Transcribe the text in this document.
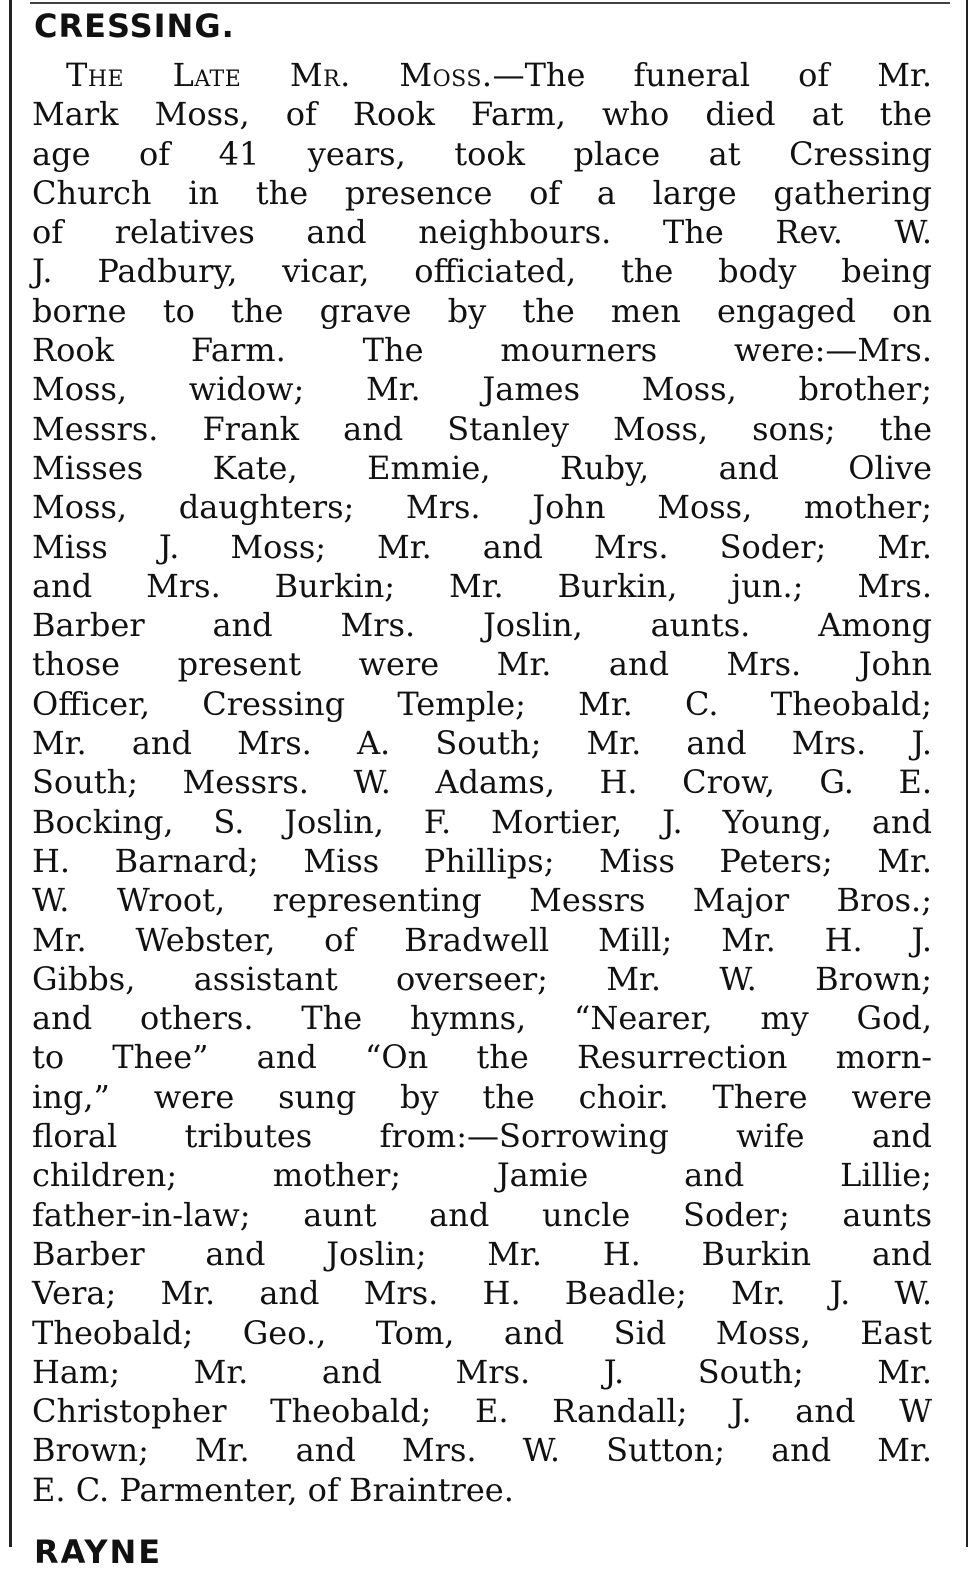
CRESSING.
The Late Mr. Moss.—The funeral of Mr.
Mark Moss, of Rook Farm, who died at the
age of 41 years, took place at Cressing
Church in the presence of a large gathering
of relatives and neighbours. The Rev. W.
J. Padbury, vicar, officiated, the body being
borne to the grave by the men engaged on
Rook Farm. The mourners were:—Mrs.
Moss, widow; Mr. James Moss, brother;
Messrs. Frank and Stanley Moss, sons; the
Misses Kate, Emmie, Ruby, and Olive
Moss, daughters; Mrs. John Moss, mother;
Miss J. Moss; Mr. and Mrs. Soder; Mr.
and Mrs. Burkin; Mr. Burkin, jun.; Mrs.
Barber and Mrs. Joslin, aunts. Among
those present were Mr. and Mrs. John
Officer, Cressing Temple; Mr. C. Theobald;
Mr. and Mrs. A. South; Mr. and Mrs. J.
South; Messrs. W. Adams, H. Crow, G. E.
Bocking, S. Joslin, F. Mortier, J. Young, and
H. Barnard; Miss Phillips; Miss Peters; Mr.
W. Wroot, representing Messrs Major Bros.;
Mr. Webster, of Bradwell Mill; Mr. H. J.
Gibbs, assistant overseer; Mr. W. Brown;
and others. The hymns, “Nearer, my God,
to Thee” and “On the Resurrection morn-
ing,” were sung by the choir. There were
floral tributes from:—Sorrowing wife and
children; mother; Jamie and Lillie;
father-in-law; aunt and uncle Soder; aunts
Barber and Joslin; Mr. H. Burkin and
Vera; Mr. and Mrs. H. Beadle; Mr. J. W.
Theobald; Geo., Tom, and Sid Moss, East
Ham; Mr. and Mrs. J. South; Mr.
Christopher Theobald; E. Randall; J. and W
Brown; Mr. and Mrs. W. Sutton; and Mr.
E. C. Parmenter, of Braintree.
RAYNE
